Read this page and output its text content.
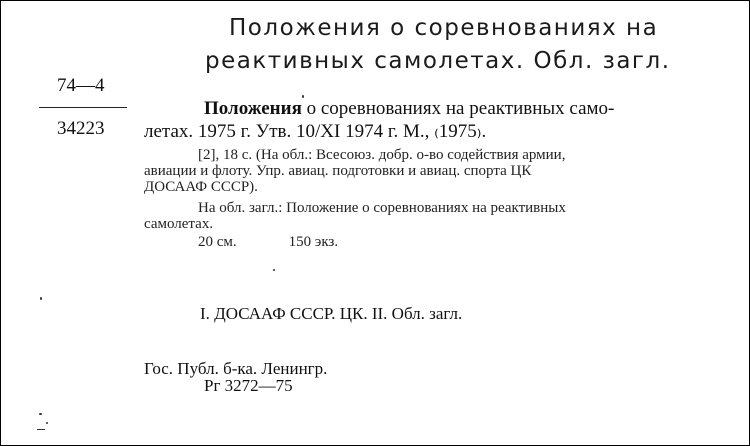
Положения о соревнованиях на
реактивных самолетах. Обл. загл.
74—4
34223
Положения о соревнованиях на реактивных само-
летах. 1975 г. Утв. 10/XI 1974 г. М., ₍1975₎.
[2], 18 с. (На обл.: Всесоюз. добр. о-во содействия армии,
авиации и флоту. Упр. авиац. подготовки и авиац. спорта ЦК
ДОСААФ СССР).
На обл. загл.: Положение о соревнованиях на реактивных
самолетах.
20 см.	150 экз.
I. ДОСААФ СССР. ЦК. II. Обл. загл.
Гос. Публ. б-ка. Ленингр.
Рг 3272—75
